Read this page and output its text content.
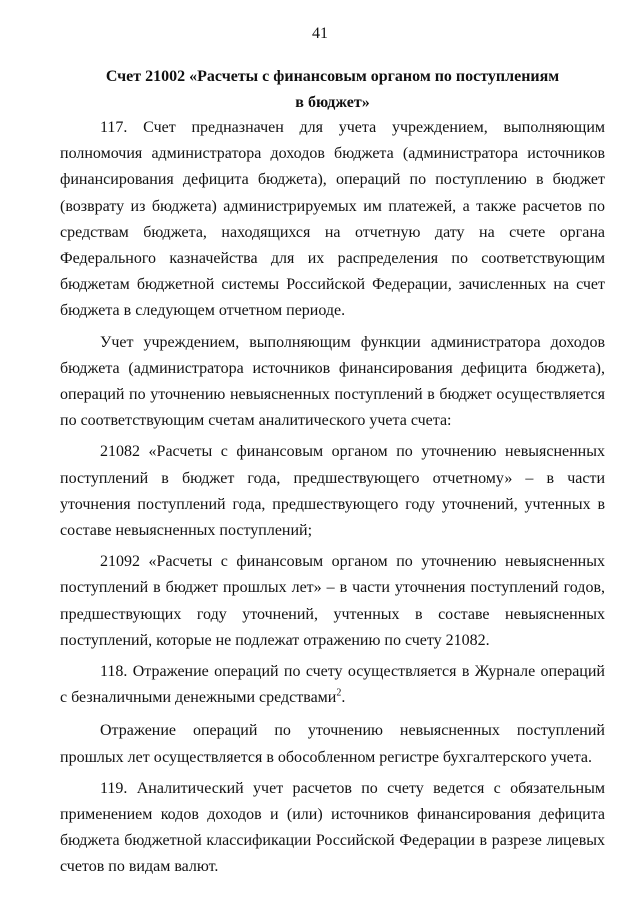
41
Счет 21002 «Расчеты с финансовым органом по поступлениям
в бюджет»

117. Счет предназначен для учета учреждением, выполняющим полномочия администратора доходов бюджета (администратора источников финансирования дефицита бюджета), операций по поступлению в бюджет (возврату из бюджета) администрируемых им платежей, а также расчетов по средствам бюджета, находящихся на отчетную дату на счете органа Федерального казначейства для их распределения по соответствующим бюджетам бюджетной системы Российской Федерации, зачисленных на счет бюджета в следующем отчетном периоде.

Учет учреждением, выполняющим функции администратора доходов бюджета (администратора источников финансирования дефицита бюджета), операций по уточнению невыясненных поступлений в бюджет осуществляется по соответствующим счетам аналитического учета счета:

21082 «Расчеты с финансовым органом по уточнению невыясненных поступлений в бюджет года, предшествующего отчетному» – в части уточнения поступлений года, предшествующего году уточнений, учтенных в составе невыясненных поступлений;

21092 «Расчеты с финансовым органом по уточнению невыясненных поступлений в бюджет прошлых лет» – в части уточнения поступлений годов, предшествующих году уточнений, учтенных в составе невыясненных поступлений, которые не подлежат отражению по счету 21082.

118. Отражение операций по счету осуществляется в Журнале операций с безналичными денежными средствами$^2$.

Отражение операций по уточнению невыясненных поступлений прошлых лет осуществляется в обособленном регистре бухгалтерского учета.

119. Аналитический учет расчетов по счету ведется с обязательным применением кодов доходов и (или) источников финансирования дефицита бюджета бюджетной классификации Российской Федерации в разрезе лицевых счетов по видам валют.
